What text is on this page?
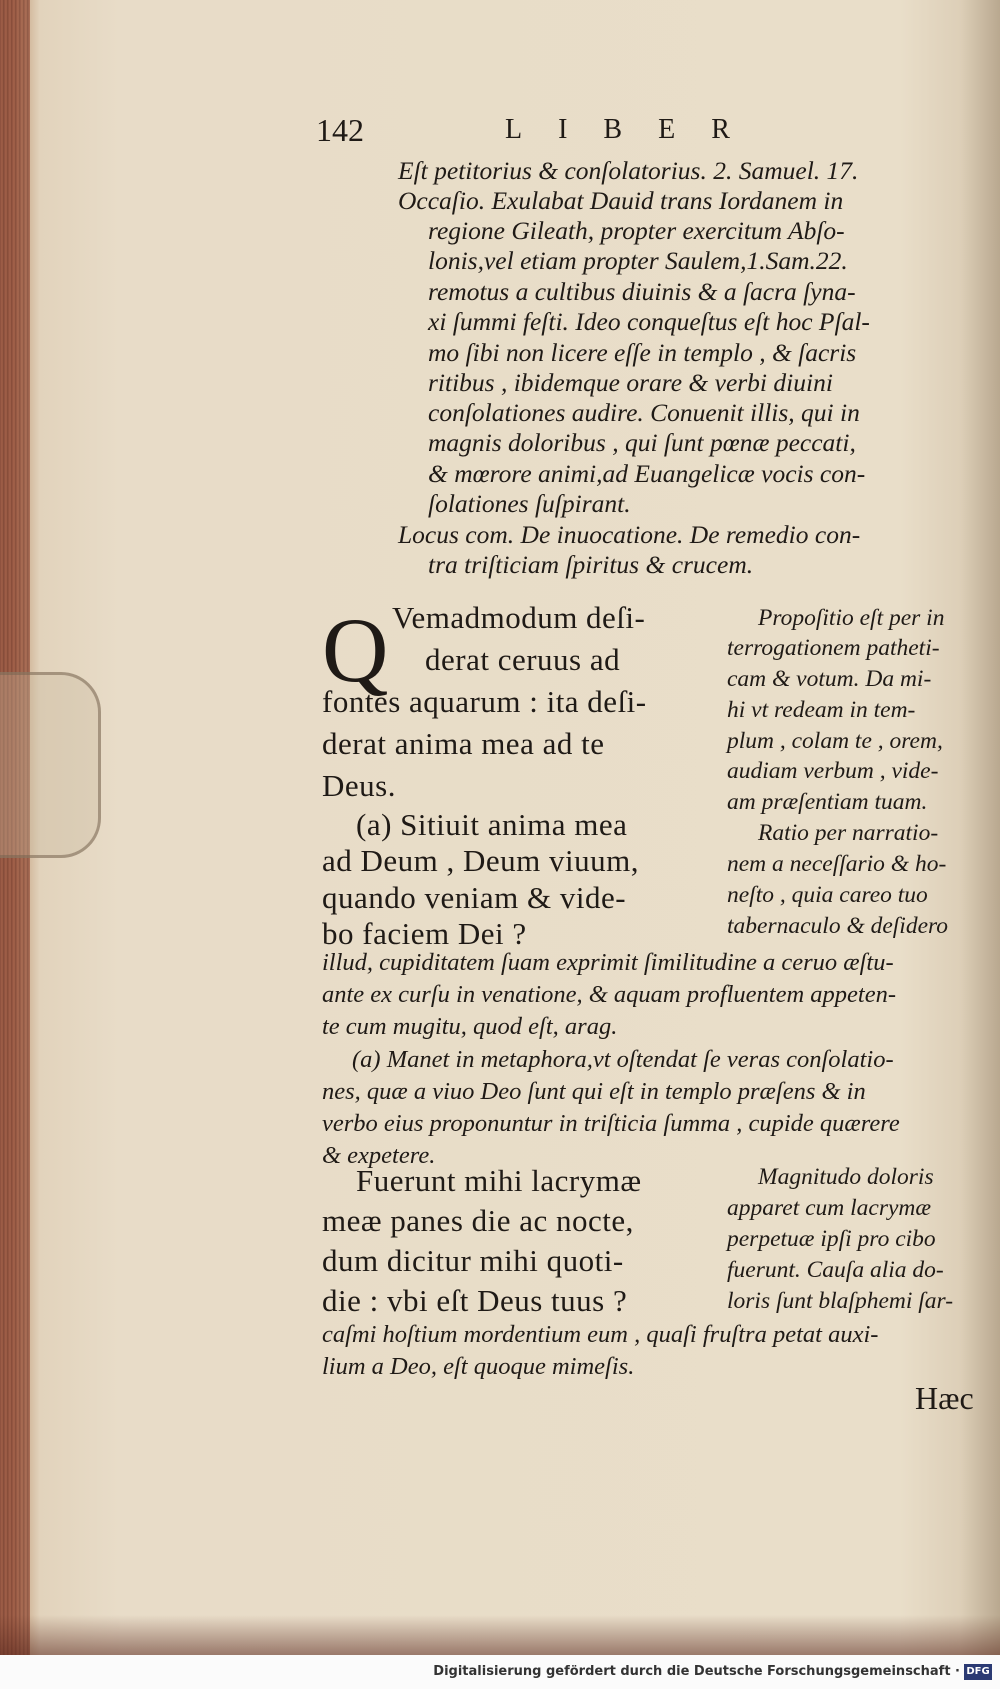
142	LIBER

Eſt petitorius & conſolatorius. 2. Samuel. 17.

Occaſio. Exulabat Dauid trans Iordanem in

regione Gileath, propter exercitum Abſo-

lonis,vel etiam propter Saulem,1.Sam.22.

remotus a cultibus diuinis & a ſacra ſyna-

xi ſummi feſti. Ideo conqueſtus eſt hoc Pſal-

mo ſibi non licere eſſe in templo , & ſacris

ritibus , ibidemque orare & verbi diuini

conſolationes audire. Conuenit illis, qui in

magnis doloribus , qui ſunt pœnæ peccati,

& mœrore animi,ad Euangelicæ vocis con-

ſolationes ſuſpirant.

Locus com. De inuocatione. De remedio con-

tra triſticiam ſpiritus & crucem.

Q Vemadmodum deſi-

derat ceruus ad

fontes aquarum : ita deſi-

derat anima mea ad te

Deus.

(a) Sitiuit anima mea

ad Deum , Deum viuum,

quando veniam & vide-

bo faciem Dei ?

Propoſitio eſt per in

terrogationem patheti-

cam & votum. Da mi-

hi vt redeam in tem-

plum , colam te , orem,

audiam verbum , vide-

am præſentiam tuam.

Ratio per narratio-

nem a neceſſario & ho-

neſto , quia careo tuo

tabernaculo & deſidero

illud, cupiditatem ſuam exprimit ſimilitudine a ceruo æſtu-

ante ex curſu in venatione, & aquam profluentem appeten-

te cum mugitu, quod eſt, arag.

(a) Manet in metaphora,vt oſtendat ſe veras conſolatio-

nes, quæ a viuo Deo ſunt qui eſt in templo præſens & in

verbo eius proponuntur in triſticia ſumma , cupide quærere

& expetere.

Fuerunt mihi lacrymæ

meæ panes die ac nocte,

dum dicitur mihi quoti-

die : vbi eſt Deus tuus ?

Magnitudo doloris

apparet cum lacrymæ

perpetuæ ipſi pro cibo

fuerunt. Cauſa alia do-

loris ſunt blaſphemi ſar-

caſmi hoſtium mordentium eum , quaſi fruſtra petat auxi-

lium a Deo, eſt quoque mimeſis.

Hæc

Digitalisierung gefördert durch die Deutsche Forschungsgemeinschaft · DFG
